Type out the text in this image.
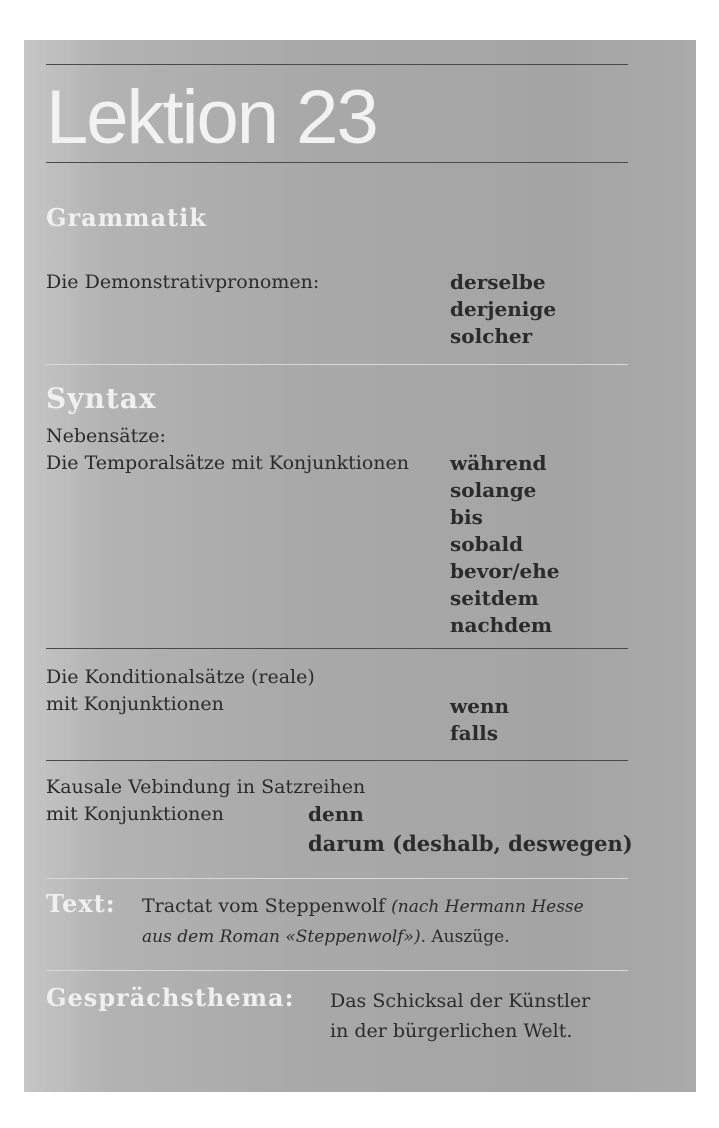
Lektion 23
Grammatik
Die Demonstrativpronomen:	derselbe
derjenige
solcher
Syntax
Nebensätze:
Die Temporalsätze mit Konjunktionen während
solange
bis
sobald
bevor/ehe
seitdem
nachdem
Die Konditionalsätze (reale)
mit Konjunktionen	wenn
falls
Kausale Vebindung in Satzreihen
mit Konjunktionen	denn
darum (deshalb, deswegen)
Text: Tractat vom Steppenwolf (nach Hermann Hesse
aus dem Roman «Steppenwolf»). Auszüge.
Gesprächsthema: Das Schicksal der Künstler
in der bürgerlichen Welt.
